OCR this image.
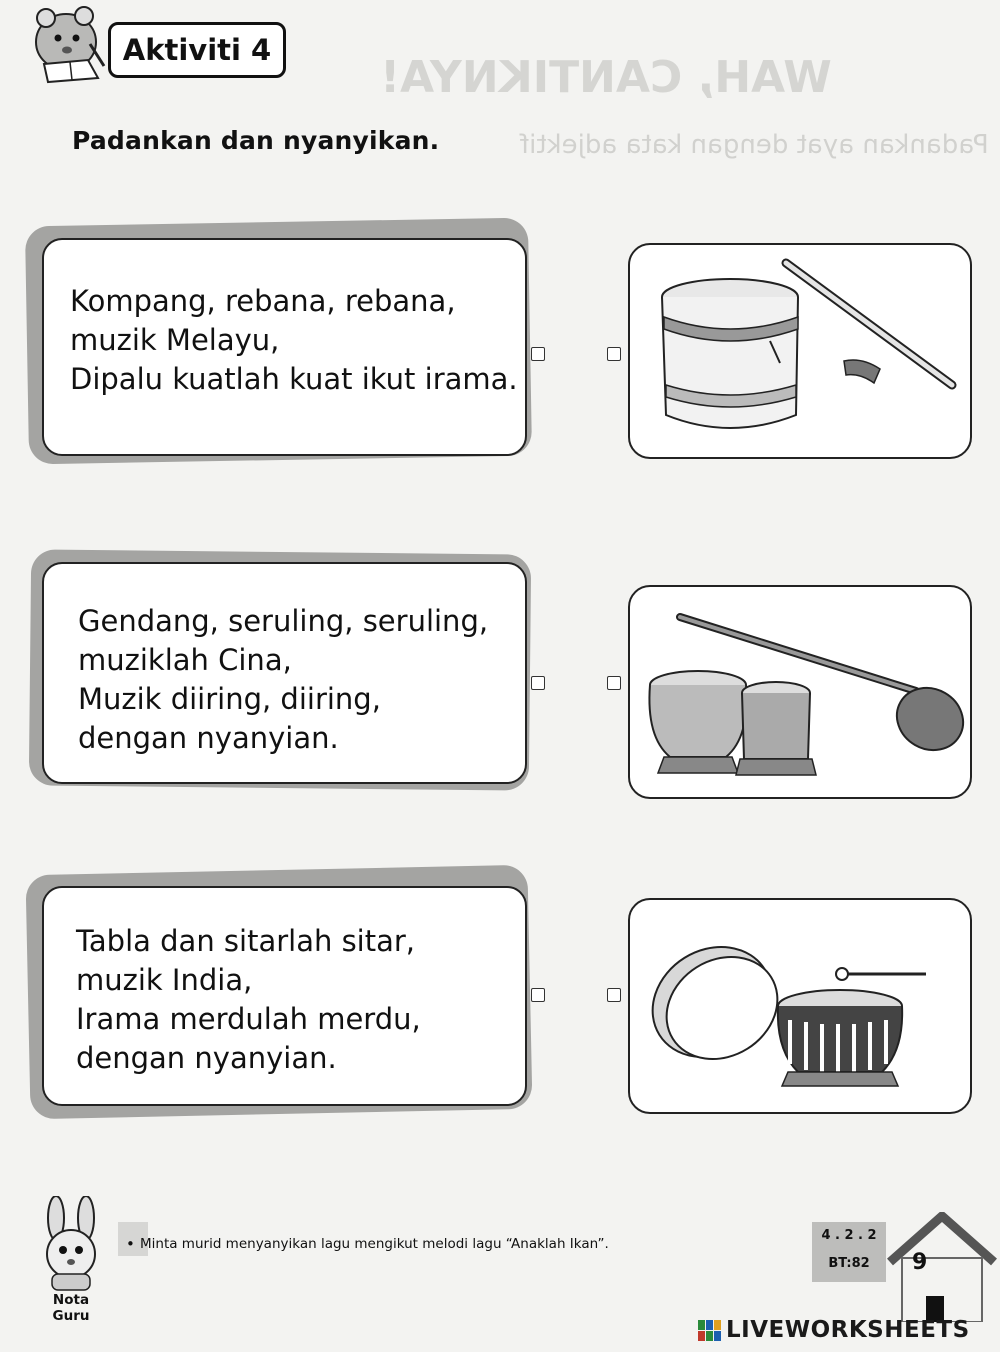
WAH, CANTIKNYA!
Padankan ayat dengan kata adjektif
Aktiviti 4
Padankan dan nyanyikan.
Kompang, rebana, rebana,
muzik Melayu,
Dipalu kuatlah kuat ikut irama.
Gendang, seruling, seruling,
muziklah Cina,
Muzik diiring, diiring,
dengan nyanyian.
Tabla dan sitarlah sitar,
muzik India,
Irama merdulah merdu,
dengan nyanyian.
Nota Guru
• Minta murid menyanyikan lagu mengikut melodi lagu “Anaklah Ikan”.
4 . 2 . 2
BT:82	9
LIVEWORKSHEETS
